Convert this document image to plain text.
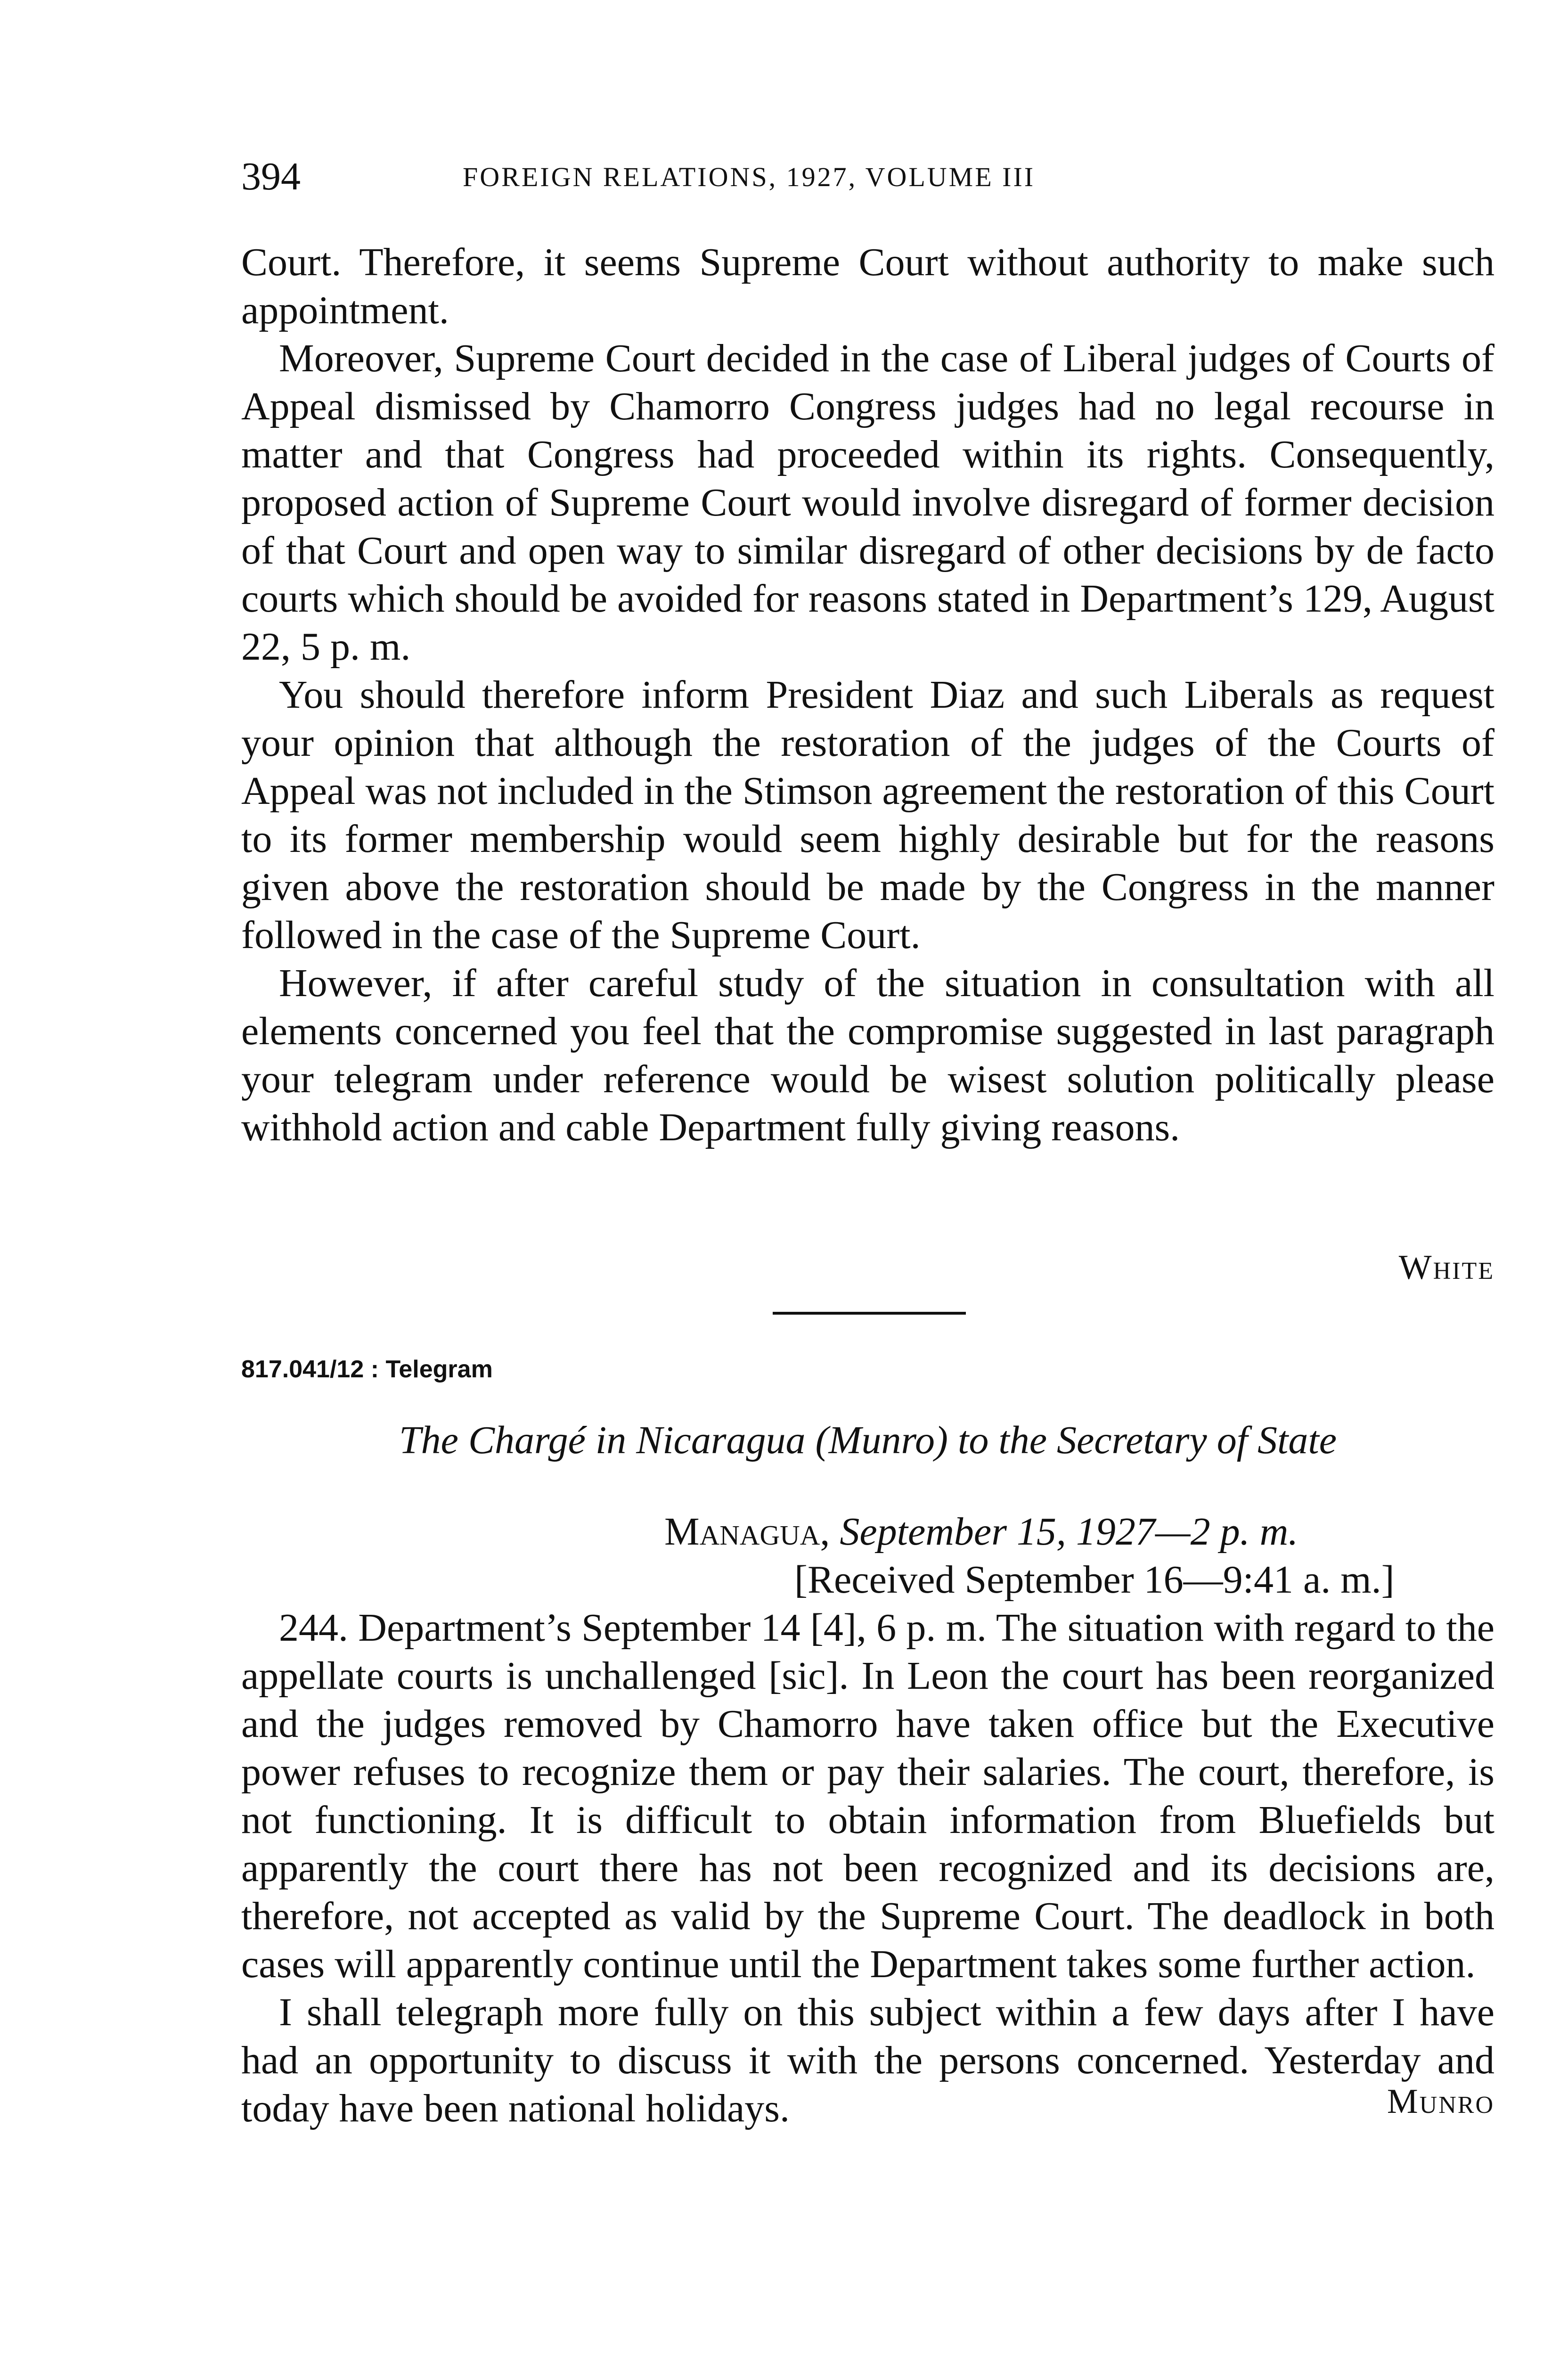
394	FOREIGN RELATIONS, 1927, VOLUME III

Court. Therefore, it seems Supreme Court without authority to make such appointment.

Moreover, Supreme Court decided in the case of Liberal judges of Courts of Appeal dismissed by Chamorro Congress judges had no legal recourse in matter and that Congress had proceeded within its rights. Consequently, proposed action of Supreme Court would involve disregard of former decision of that Court and open way to similar disregard of other decisions by de facto courts which should be avoided for reasons stated in Department’s 129, August 22, 5 p. m.

You should therefore inform President Diaz and such Liberals as request your opinion that although the restoration of the judges of the Courts of Appeal was not included in the Stimson agreement the restoration of this Court to its former membership would seem highly desirable but for the reasons given above the restoration should be made by the Congress in the manner followed in the case of the Supreme Court.

However, if after careful study of the situation in consultation with all elements concerned you feel that the compromise suggested in last paragraph your telegram under reference would be wisest solution politically please withhold action and cable Department fully giving reasons.

White
817.041/12 : Telegram
The Chargé in Nicaragua (Munro) to the Secretary of State
Managua, September 15, 1927—2 p. m.
[Received September 16—9:41 a. m.]

244. Department’s September 14 [4], 6 p. m. The situation with regard to the appellate courts is unchallenged [sic]. In Leon the court has been reorganized and the judges removed by Chamorro have taken office but the Executive power refuses to recognize them or pay their salaries. The court, therefore, is not functioning. It is difficult to obtain information from Bluefields but apparently the court there has not been recognized and its decisions are, therefore, not accepted as valid by the Supreme Court. The deadlock in both cases will apparently continue until the Department takes some further action.

I shall telegraph more fully on this subject within a few days after I have had an opportunity to discuss it with the persons concerned. Yesterday and today have been national holidays.	Munro
